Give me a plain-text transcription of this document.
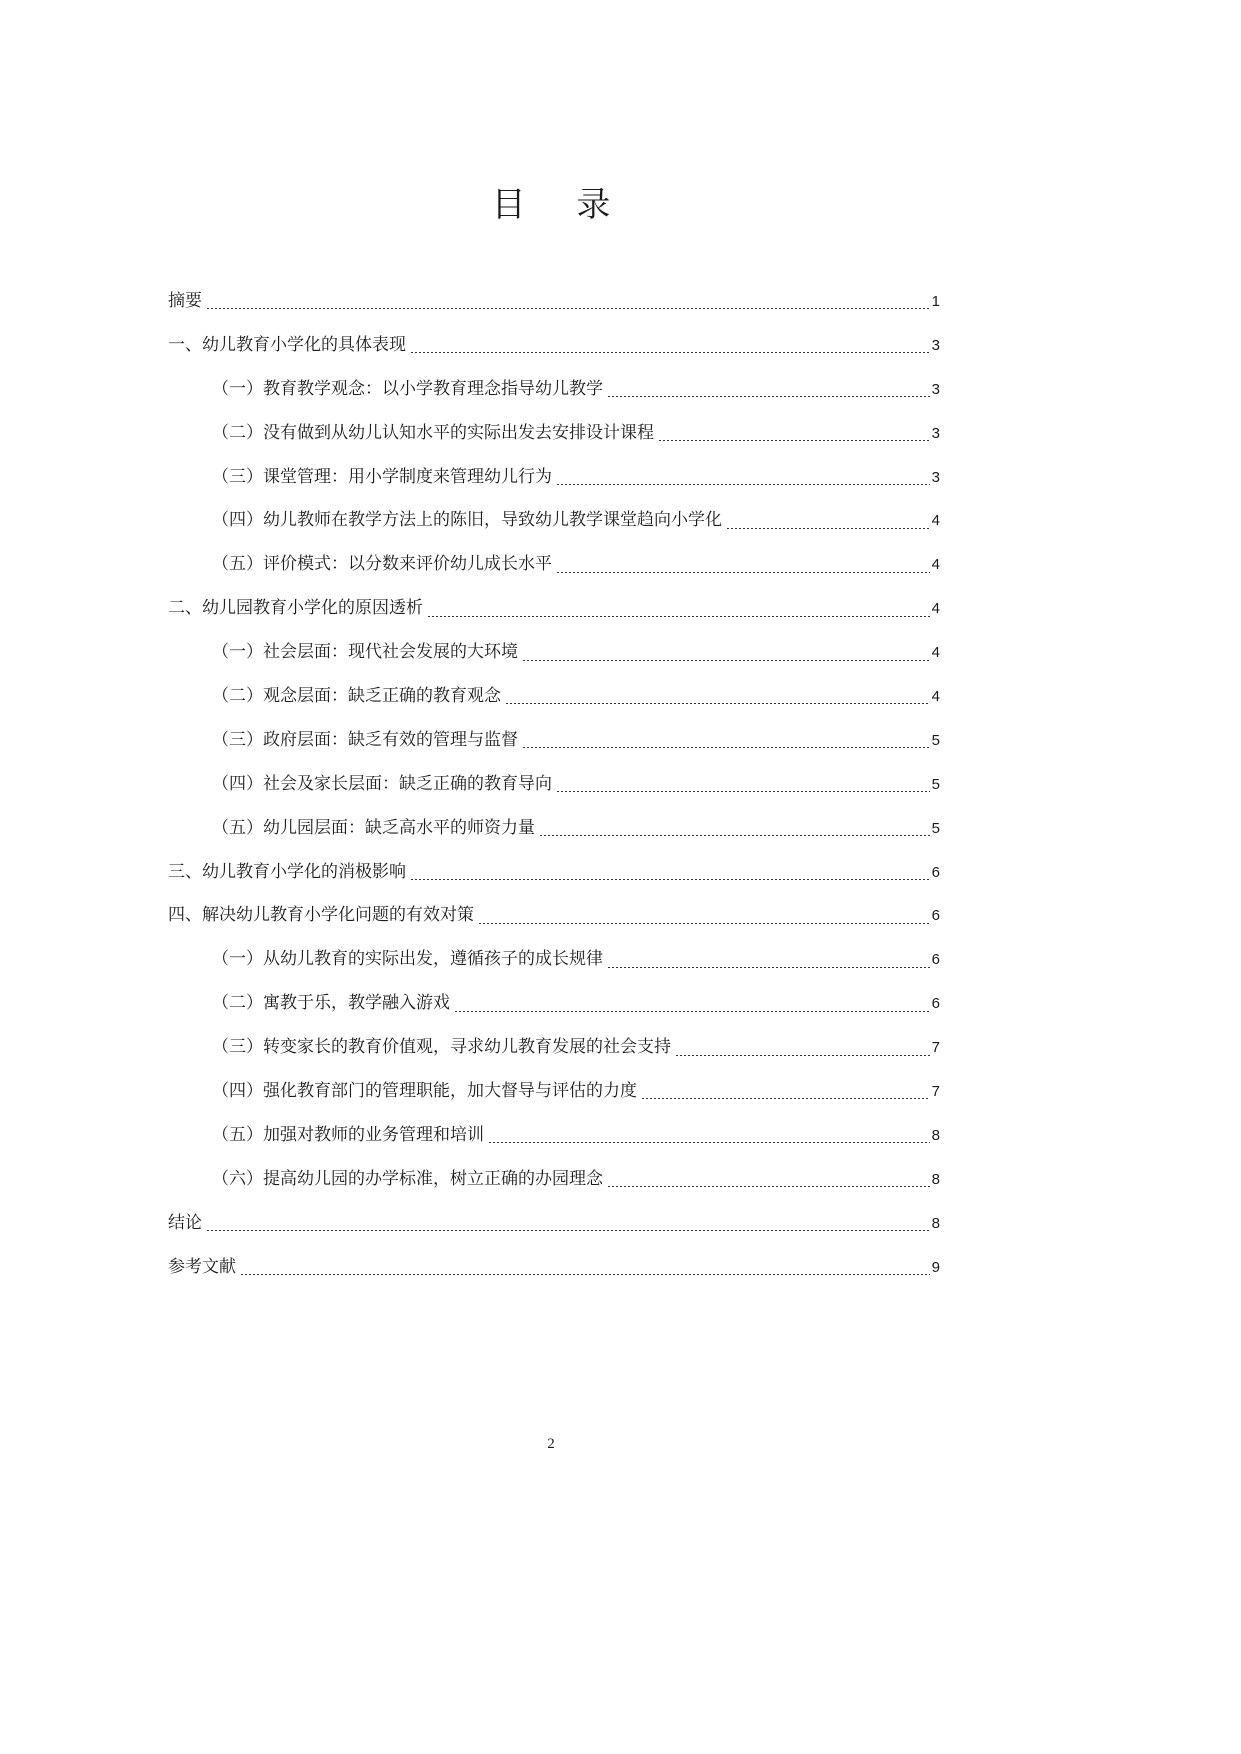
目 录
摘要	1
一、幼儿教育小学化的具体表现	3
（一）教育教学观念：以小学教育理念指导幼儿教学	3
（二）没有做到从幼儿认知水平的实际出发去安排设计课程	3
（三）课堂管理：用小学制度来管理幼儿行为	3
（四）幼儿教师在教学方法上的陈旧，导致幼儿教学课堂趋向小学化	4
（五）评价模式：以分数来评价幼儿成长水平	4
二、幼儿园教育小学化的原因透析	4
（一）社会层面：现代社会发展的大环境	4
（二）观念层面：缺乏正确的教育观念	4
（三）政府层面：缺乏有效的管理与监督	5
（四）社会及家长层面：缺乏正确的教育导向	5
（五）幼儿园层面：缺乏高水平的师资力量	5
三、幼儿教育小学化的消极影响	6
四、解决幼儿教育小学化问题的有效对策	6
（一）从幼儿教育的实际出发，遵循孩子的成长规律	6
（二）寓教于乐，教学融入游戏	6
（三）转变家长的教育价值观，寻求幼儿教育发展的社会支持	7
（四）强化教育部门的管理职能，加大督导与评估的力度	7
（五）加强对教师的业务管理和培训	8
（六）提高幼儿园的办学标准，树立正确的办园理念	8
结论	8
参考文献	9
2
